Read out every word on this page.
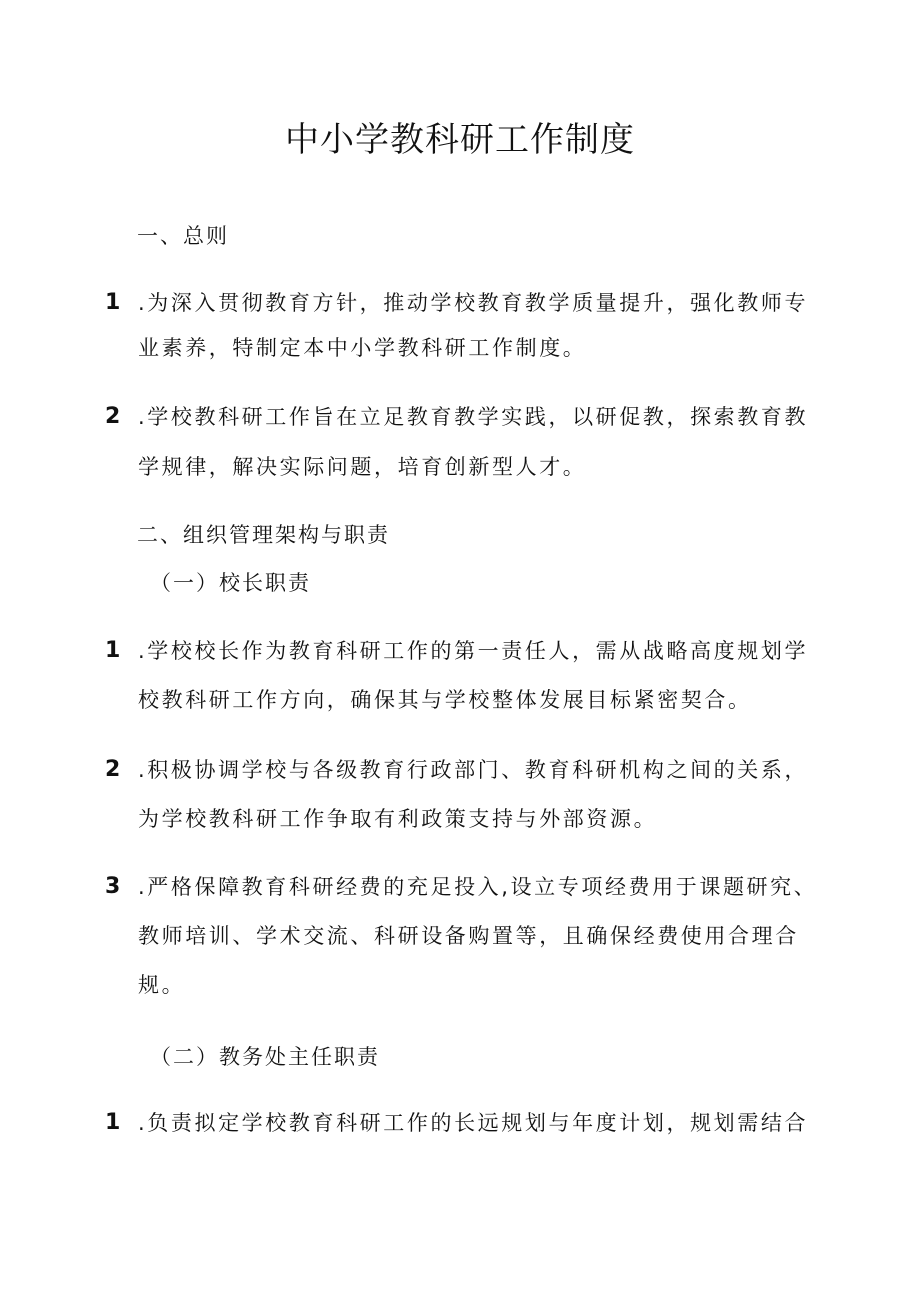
中小学教科研工作制度
一、总则
1 .为深入贯彻教育方针，推动学校教育教学质量提升，强化教师专
业素养，特制定本中小学教科研工作制度。
2 .学校教科研工作旨在立足教育教学实践，以研促教，探索教育教
学规律，解决实际问题，培育创新型人才。
二、组织管理架构与职责
（一）校长职责
1 .学校校长作为教育科研工作的第一责任人，需从战略高度规划学
校教科研工作方向，确保其与学校整体发展目标紧密契合。
2 .积极协调学校与各级教育行政部门、教育科研机构之间的关系，
为学校教科研工作争取有利政策支持与外部资源。
3 .严格保障教育科研经费的充足投入,设立专项经费用于课题研究、
教师培训、学术交流、科研设备购置等，且确保经费使用合理合
规。
（二）教务处主任职责
1 .负责拟定学校教育科研工作的长远规划与年度计划，规划需结合
